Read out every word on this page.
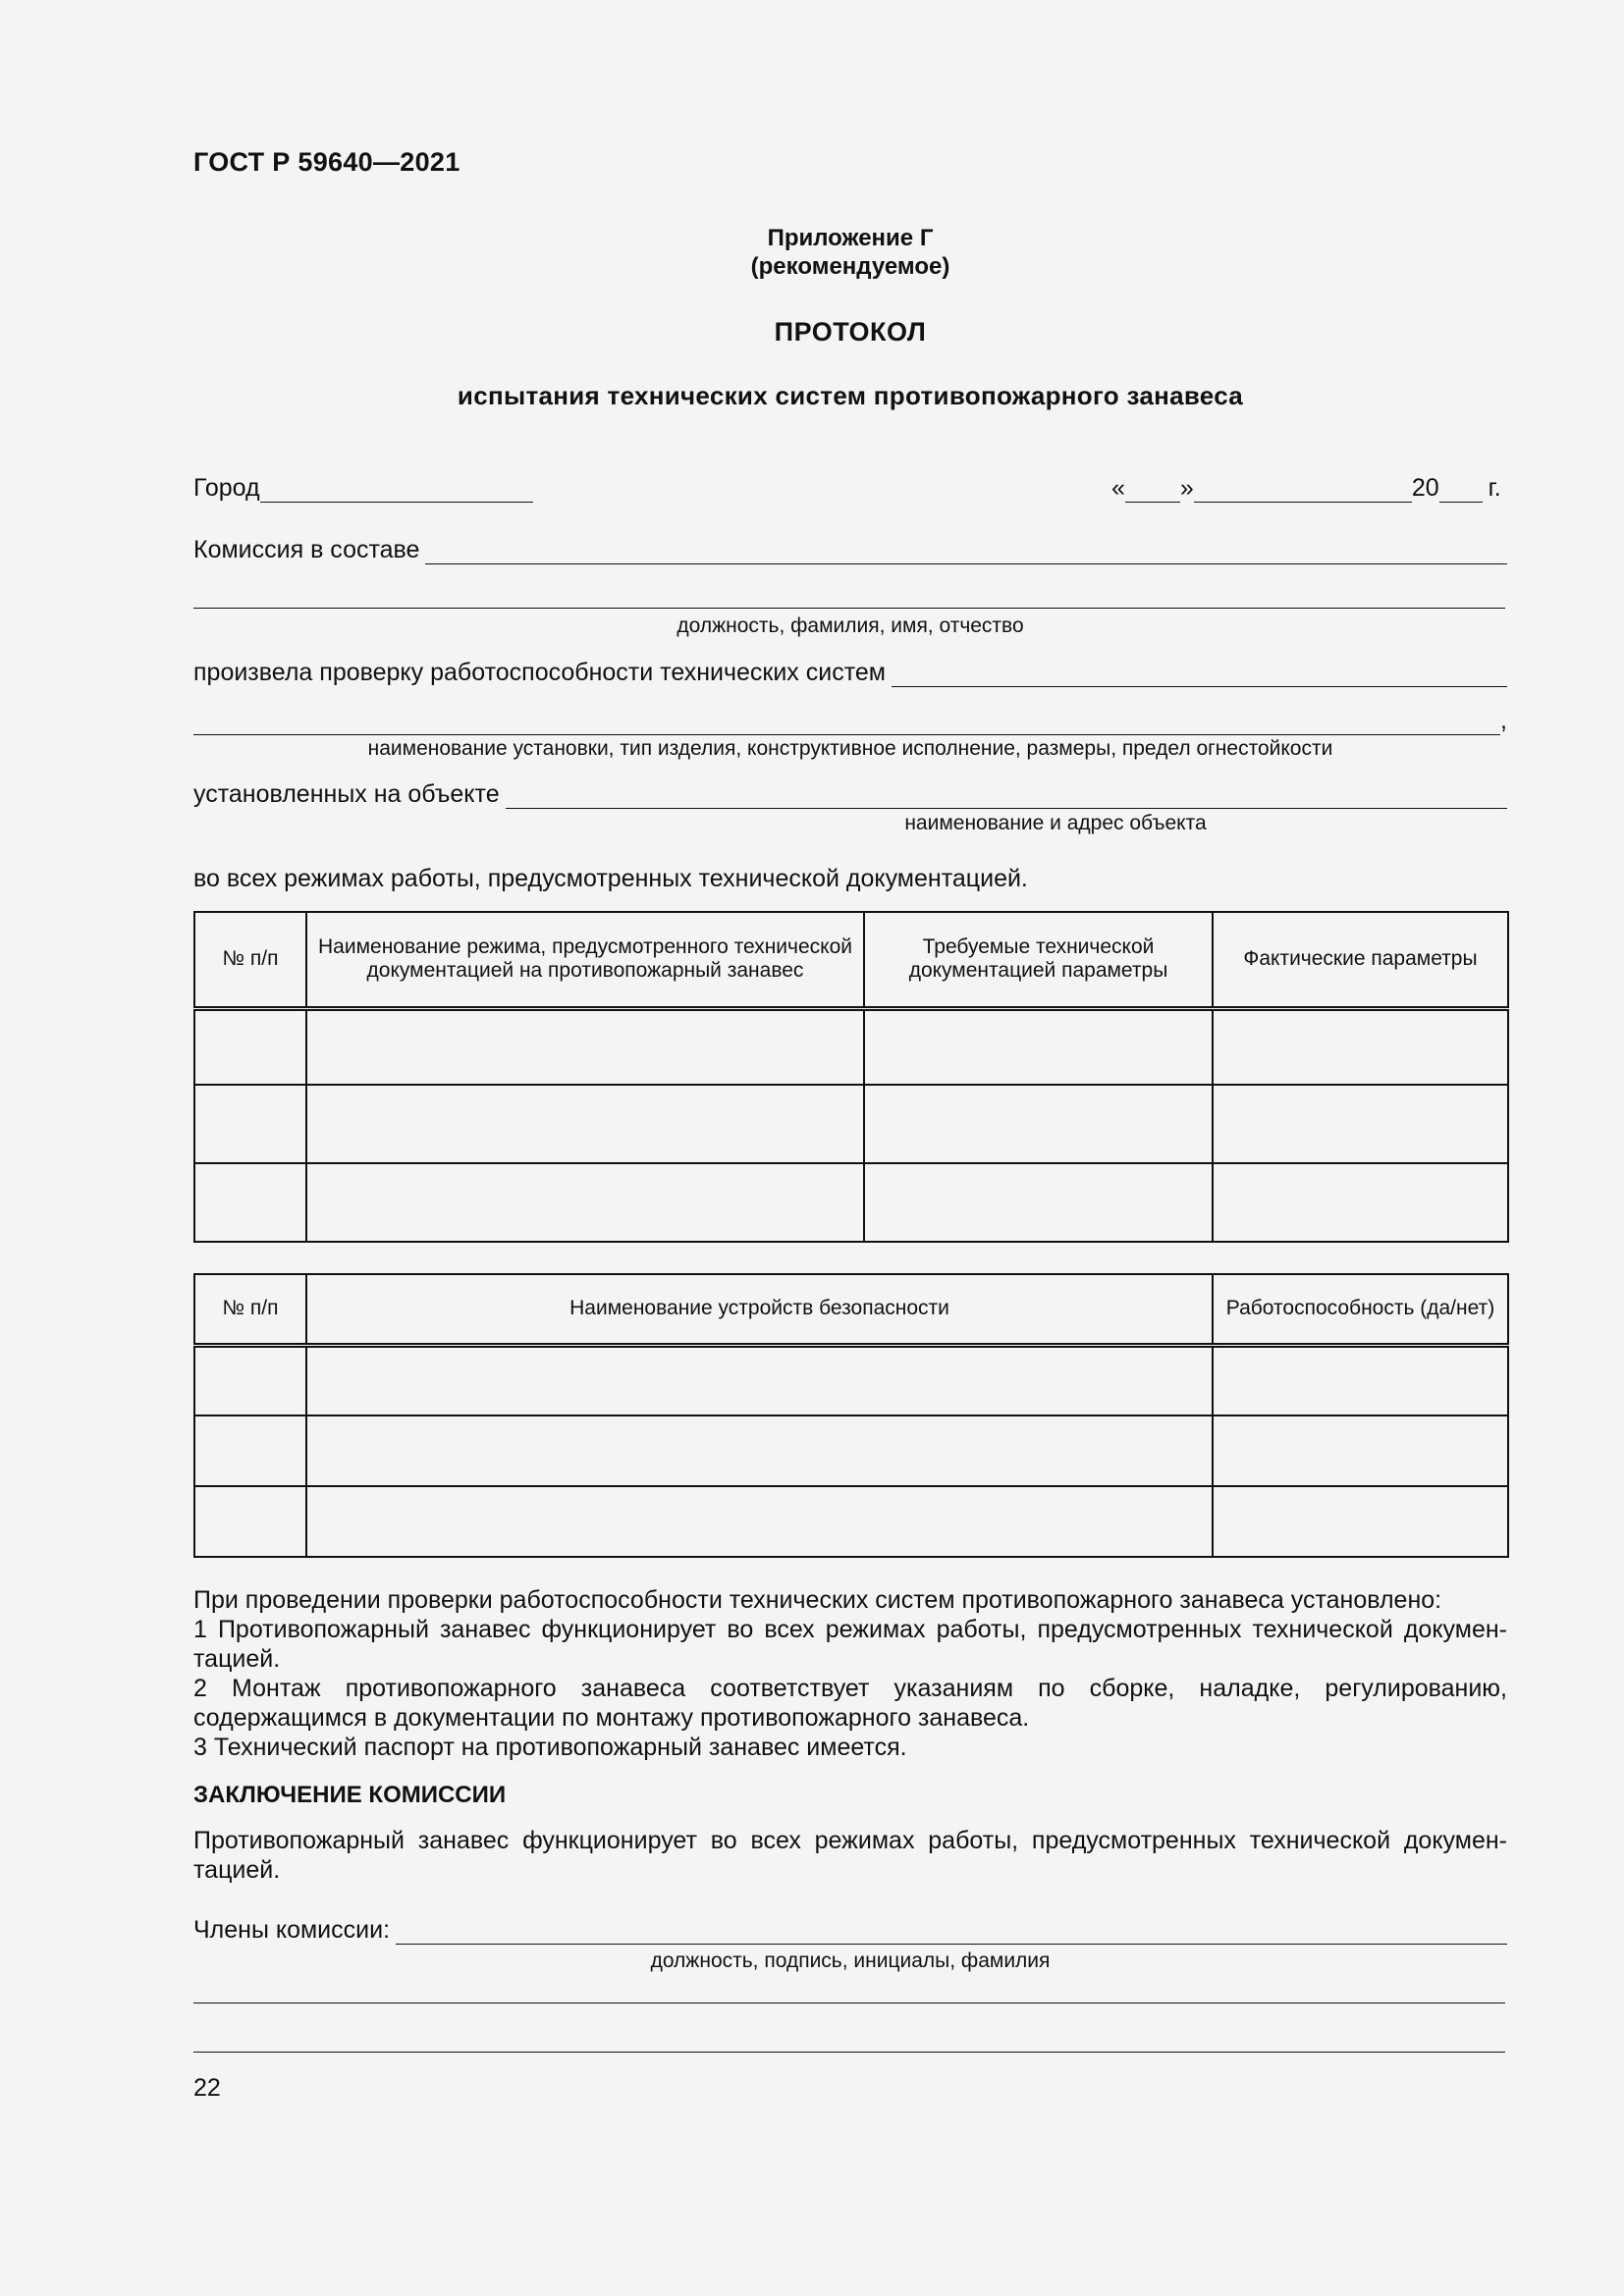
ГОСТ Р 59640—2021
Приложение Г
(рекомендуемое)
ПРОТОКОЛ
испытания технических систем противопожарного занавеса
Город	« »	20 г.
Комиссия в составе
должность, фамилия, имя, отчество
произвела проверку работоспособности технических систем
,
наименование установки, тип изделия, конструктивное исполнение, размеры, предел огнестойкости
установленных на объекте
наименование и адрес объекта
во всех режимах работы, предусмотренных технической документацией.
№ п/п	Наименование режима, предусмотренного технической документацией на противопожарный занавес	Требуемые технической документацией параметры	Фактические параметры

№ п/п	Наименование устройств безопасности	Работоспособность (да/нет)

При проведении проверки работоспособности технических систем противопожарного занавеса установлено:
1 Противопожарный занавес функционирует во всех режимах работы, предусмотренных технической документацией.
2 Монтаж противопожарного занавеса соответствует указаниям по сборке, наладке, регулированию, содержащимся в документации по монтажу противопожарного занавеса.
3 Технический паспорт на противопожарный занавес имеется.
ЗАКЛЮЧЕНИЕ КОМИССИИ
Противопожарный занавес функционирует во всех режимах работы, предусмотренных технической документацией.
Члены комиссии:
должность, подпись, инициалы, фамилия
22
